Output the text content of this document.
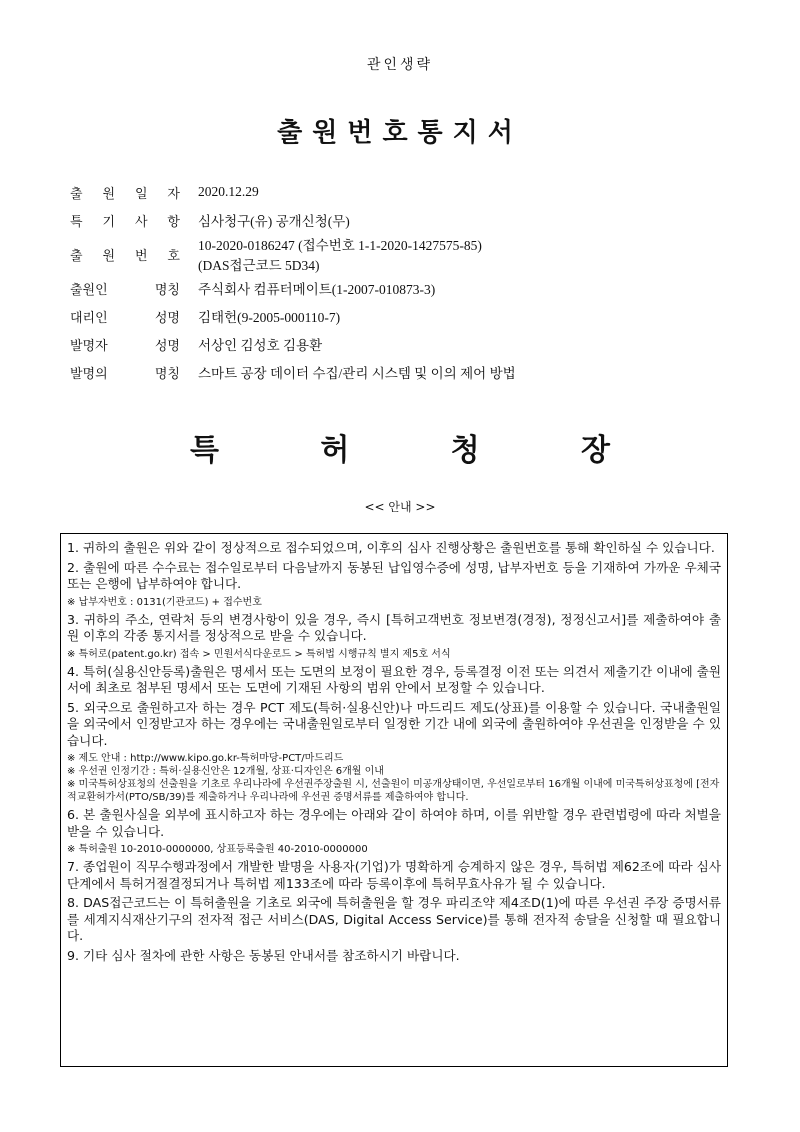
관인생략
출원번호통지서
출 원 일 자	2020.12.29
특 기 사 항	심사청구(유) 공개신청(무)
출 원 번 호	10-2020-0186247 (접수번호 1-1-2020-1427575-85)
(DAS접근코드 5D34)

출원인 명칭	주식회사 컴퓨터메이트(1-2007-010873-3)
대리인 성명	김태헌(9-2005-000110-7)
발명자 성명	서상인 김성호 김용환
발명의 명칭	스마트 공장 데이터 수집/관리 시스템 및 이의 제어 방법
특	허	청	장
<< 안내 >>
1. 귀하의 출원은 위와 같이 정상적으로 접수되었으며, 이후의 심사 진행상황은 출원번호를 통해 확인하실 수 있습니다.
2. 출원에 따른 수수료는 접수일로부터 다음날까지 동봉된 납입영수증에 성명, 납부자번호 등을 기재하여 가까운 우체국 또는 은행에 납부하여야 합니다.
※ 납부자번호 : 0131(기관코드) + 접수번호
3. 귀하의 주소, 연락처 등의 변경사항이 있을 경우, 즉시 [특허고객번호 정보변경(경정), 정정신고서]를 제출하여야 출원 이후의 각종 통지서를 정상적으로 받을 수 있습니다.
※ 특허로(patent.go.kr) 접속 > 민원서식다운로드 > 특허법 시행규칙 별지 제5호 서식
4. 특허(실용신안등록)출원은 명세서 또는 도면의 보정이 필요한 경우, 등록결정 이전 또는 의견서 제출기간 이내에 출원서에 최초로 첨부된 명세서 또는 도면에 기재된 사항의 범위 안에서 보정할 수 있습니다.
5. 외국으로 출원하고자 하는 경우 PCT 제도(특허·실용신안)나 마드리드 제도(상표)를 이용할 수 있습니다. 국내출원일을 외국에서 인정받고자 하는 경우에는 국내출원일로부터 일정한 기간 내에 외국에 출원하여야 우선권을 인정받을 수 있습니다.
※ 제도 안내 : http://www.kipo.go.kr-특허마당-PCT/마드리드
※ 우선권 인정기간 : 특허·실용신안은 12개월, 상표·디자인은 6개월 이내
※ 미국특허상표청의 선출원을 기초로 우리나라에 우선권주장출원 시, 선출원이 미공개상태이면, 우선일로부터 16개월 이내에 미국특허상표청에 [전자적교환허가서(PTO/SB/39)를 제출하거나 우리나라에 우선권 증명서류를 제출하여야 합니다.
6. 본 출원사실을 외부에 표시하고자 하는 경우에는 아래와 같이 하여야 하며, 이를 위반할 경우 관련법령에 따라 처벌을 받을 수 있습니다.
※ 특허출원 10-2010-0000000, 상표등록출원 40-2010-0000000
7. 종업원이 직무수행과정에서 개발한 발명을 사용자(기업)가 명확하게 승계하지 않은 경우, 특허법 제62조에 따라 심사단계에서 특허거절결정되거나 특허법 제133조에 따라 등록이후에 특허무효사유가 될 수 있습니다.
8. DAS접근코드는 이 특허출원을 기초로 외국에 특허출원을 할 경우 파리조약 제4조D(1)에 따른 우선권 주장 증명서류를 세계지식재산기구의 전자적 접근 서비스(DAS, Digital Access Service)를 통해 전자적 송달을 신청할 때 필요합니다.
9. 기타 심사 절차에 관한 사항은 동봉된 안내서를 참조하시기 바랍니다.
